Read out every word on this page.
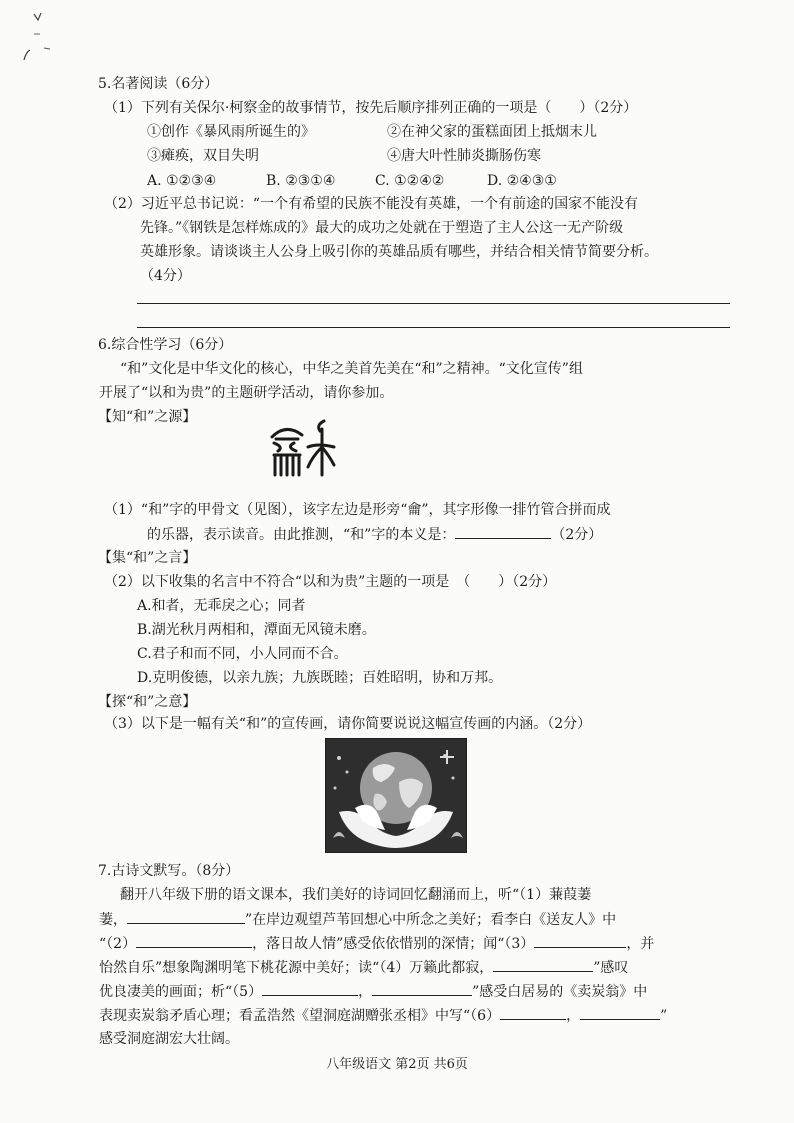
5.名著阅读（6分）
（1）下列有关保尔·柯察金的故事情节，按先后顺序排列正确的一项是（　　）（2分）
①创作《暴风雨所诞生的》	②在神父家的蛋糕面团上抵烟末儿
③瘫痪，双目失明	④唐大叶性肺炎撕肠伤寒
A. ①②③④	B. ②③①④	C. ①②④②	D. ②④③①
（2）习近平总书记说：“一个有希望的民族不能没有英雄，一个有前途的国家不能没有
先锋。”《钢铁是怎样炼成的》最大的成功之处就在于塑造了主人公这一无产阶级
英雄形象。请谈谈主人公身上吸引你的英雄品质有哪些，并结合相关情节简要分析。
（4分）
6.综合性学习（6分）
“和”文化是中华文化的核心，中华之美首先美在“和”之精神。“文化宣传”组
开展了“以和为贵”的主题研学活动，请你参加。
【知“和”之源】
（1）“和”字的甲骨文（见图），该字左边是形旁“龠”，其字形像一排竹管合拼而成
的乐器，表示读音。由此推测，“和”字的本义是：	（2分）
【集“和”之言】
（2）以下收集的名言中不符合“以和为贵”主题的一项是　（　　）（2分）
A.和者，无乖戾之心；同者
B.湖光秋月两相和，潭面无风镜未磨。
C.君子和而不同，小人同而不合。
D.克明俊德，以亲九族；九族既睦；百姓昭明，协和万邦。
【探“和”之意】
（3）以下是一幅有关“和”的宣传画，请你简要说说这幅宣传画的内涵。（2分）
7.古诗文默写。（8分）
翻开八年级下册的语文课本，我们美好的诗词回忆翻涌而上，听“（1）蒹葭萋
萋，	”在岸边观望芦苇回想心中所念之美好；看李白《送友人》中
“（2）	，落日故人情”感受依依惜别的深情；闻“（3）	，并
怡然自乐”想象陶渊明笔下桃花源中美好；读“（4）万籁此都寂，	”感叹
优良凄美的画面；析“（5）	，	”感受白居易的《卖炭翁》中
表现卖炭翁矛盾心理；看孟浩然《望洞庭湖赠张丞相》中写“（6）	，	”
感受洞庭湖宏大壮阔。
八年级语文 第2页 共6页
